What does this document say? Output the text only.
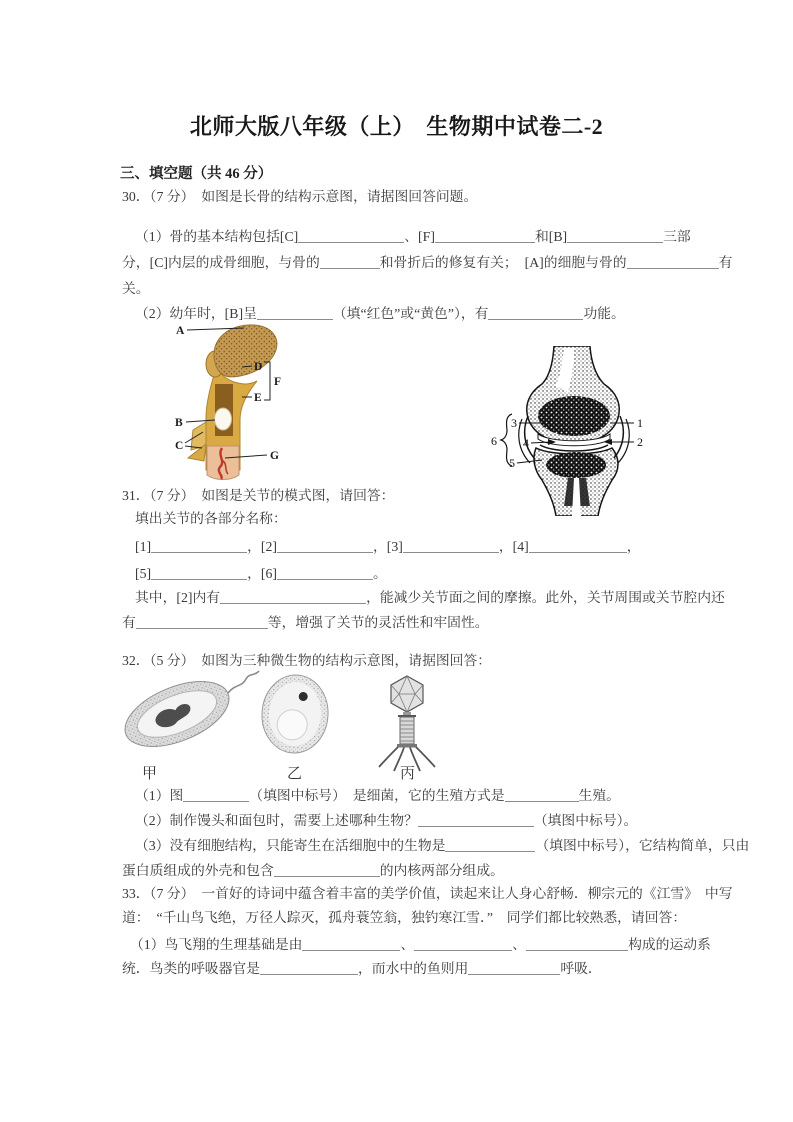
北师大版八年级（上）　生物期中试卷二-2
三、填空题（共 46 分）
30．（7 分）　如图是长骨的结构示意图，请据图回答问题。
（1）骨的基本结构包括[C]	、[F]	和[B]	三部
分，[C]内层的成骨细胞，与骨的	和骨折后的修复有关；　[A]的细胞与骨的	有
关。
（2）幼年时，[B]呈	（填“红色”或“黄色”），有	功能。
A
D
F
E
B
C
G
3
4
5
6
1
2
31．（7 分）　如图是关节的模式图，请回答：
填出关节的各部分名称：
[1]	，[2]	，[3]	，[4]	，
[5]	，[6]	。
其中，[2]内有	，能减少关节面之间的摩擦。此外，关节周围或关节腔内还
有	等，增强了关节的灵活性和牢固性。
32．（5 分）　如图为三种微生物的结构示意图，请据图回答：
甲	乙	丙
（1）图	（填图中标号）　是细菌，它的生殖方式是	生殖。
（2）制作馒头和面包时，需要上述哪种生物？	（填图中标号）。
（3）没有细胞结构，只能寄生在活细胞中的生物是	（填图中标号），它结构简单，只由
蛋白质组成的外壳和包含	的内核两部分组成。
33．（7 分）　一首好的诗词中蕴含着丰富的美学价值，读起来让人身心舒畅．柳宗元的《江雪》　中写
道：　“千山鸟飞绝，万径人踪灭，孤舟蓑笠翁，独钓寒江雪．”　同学们都比较熟悉，请回答：
（1）鸟飞翔的生理基础是由	、	、	构成的运动系
统．鸟类的呼吸器官是	，而水中的鱼则用	呼吸．
